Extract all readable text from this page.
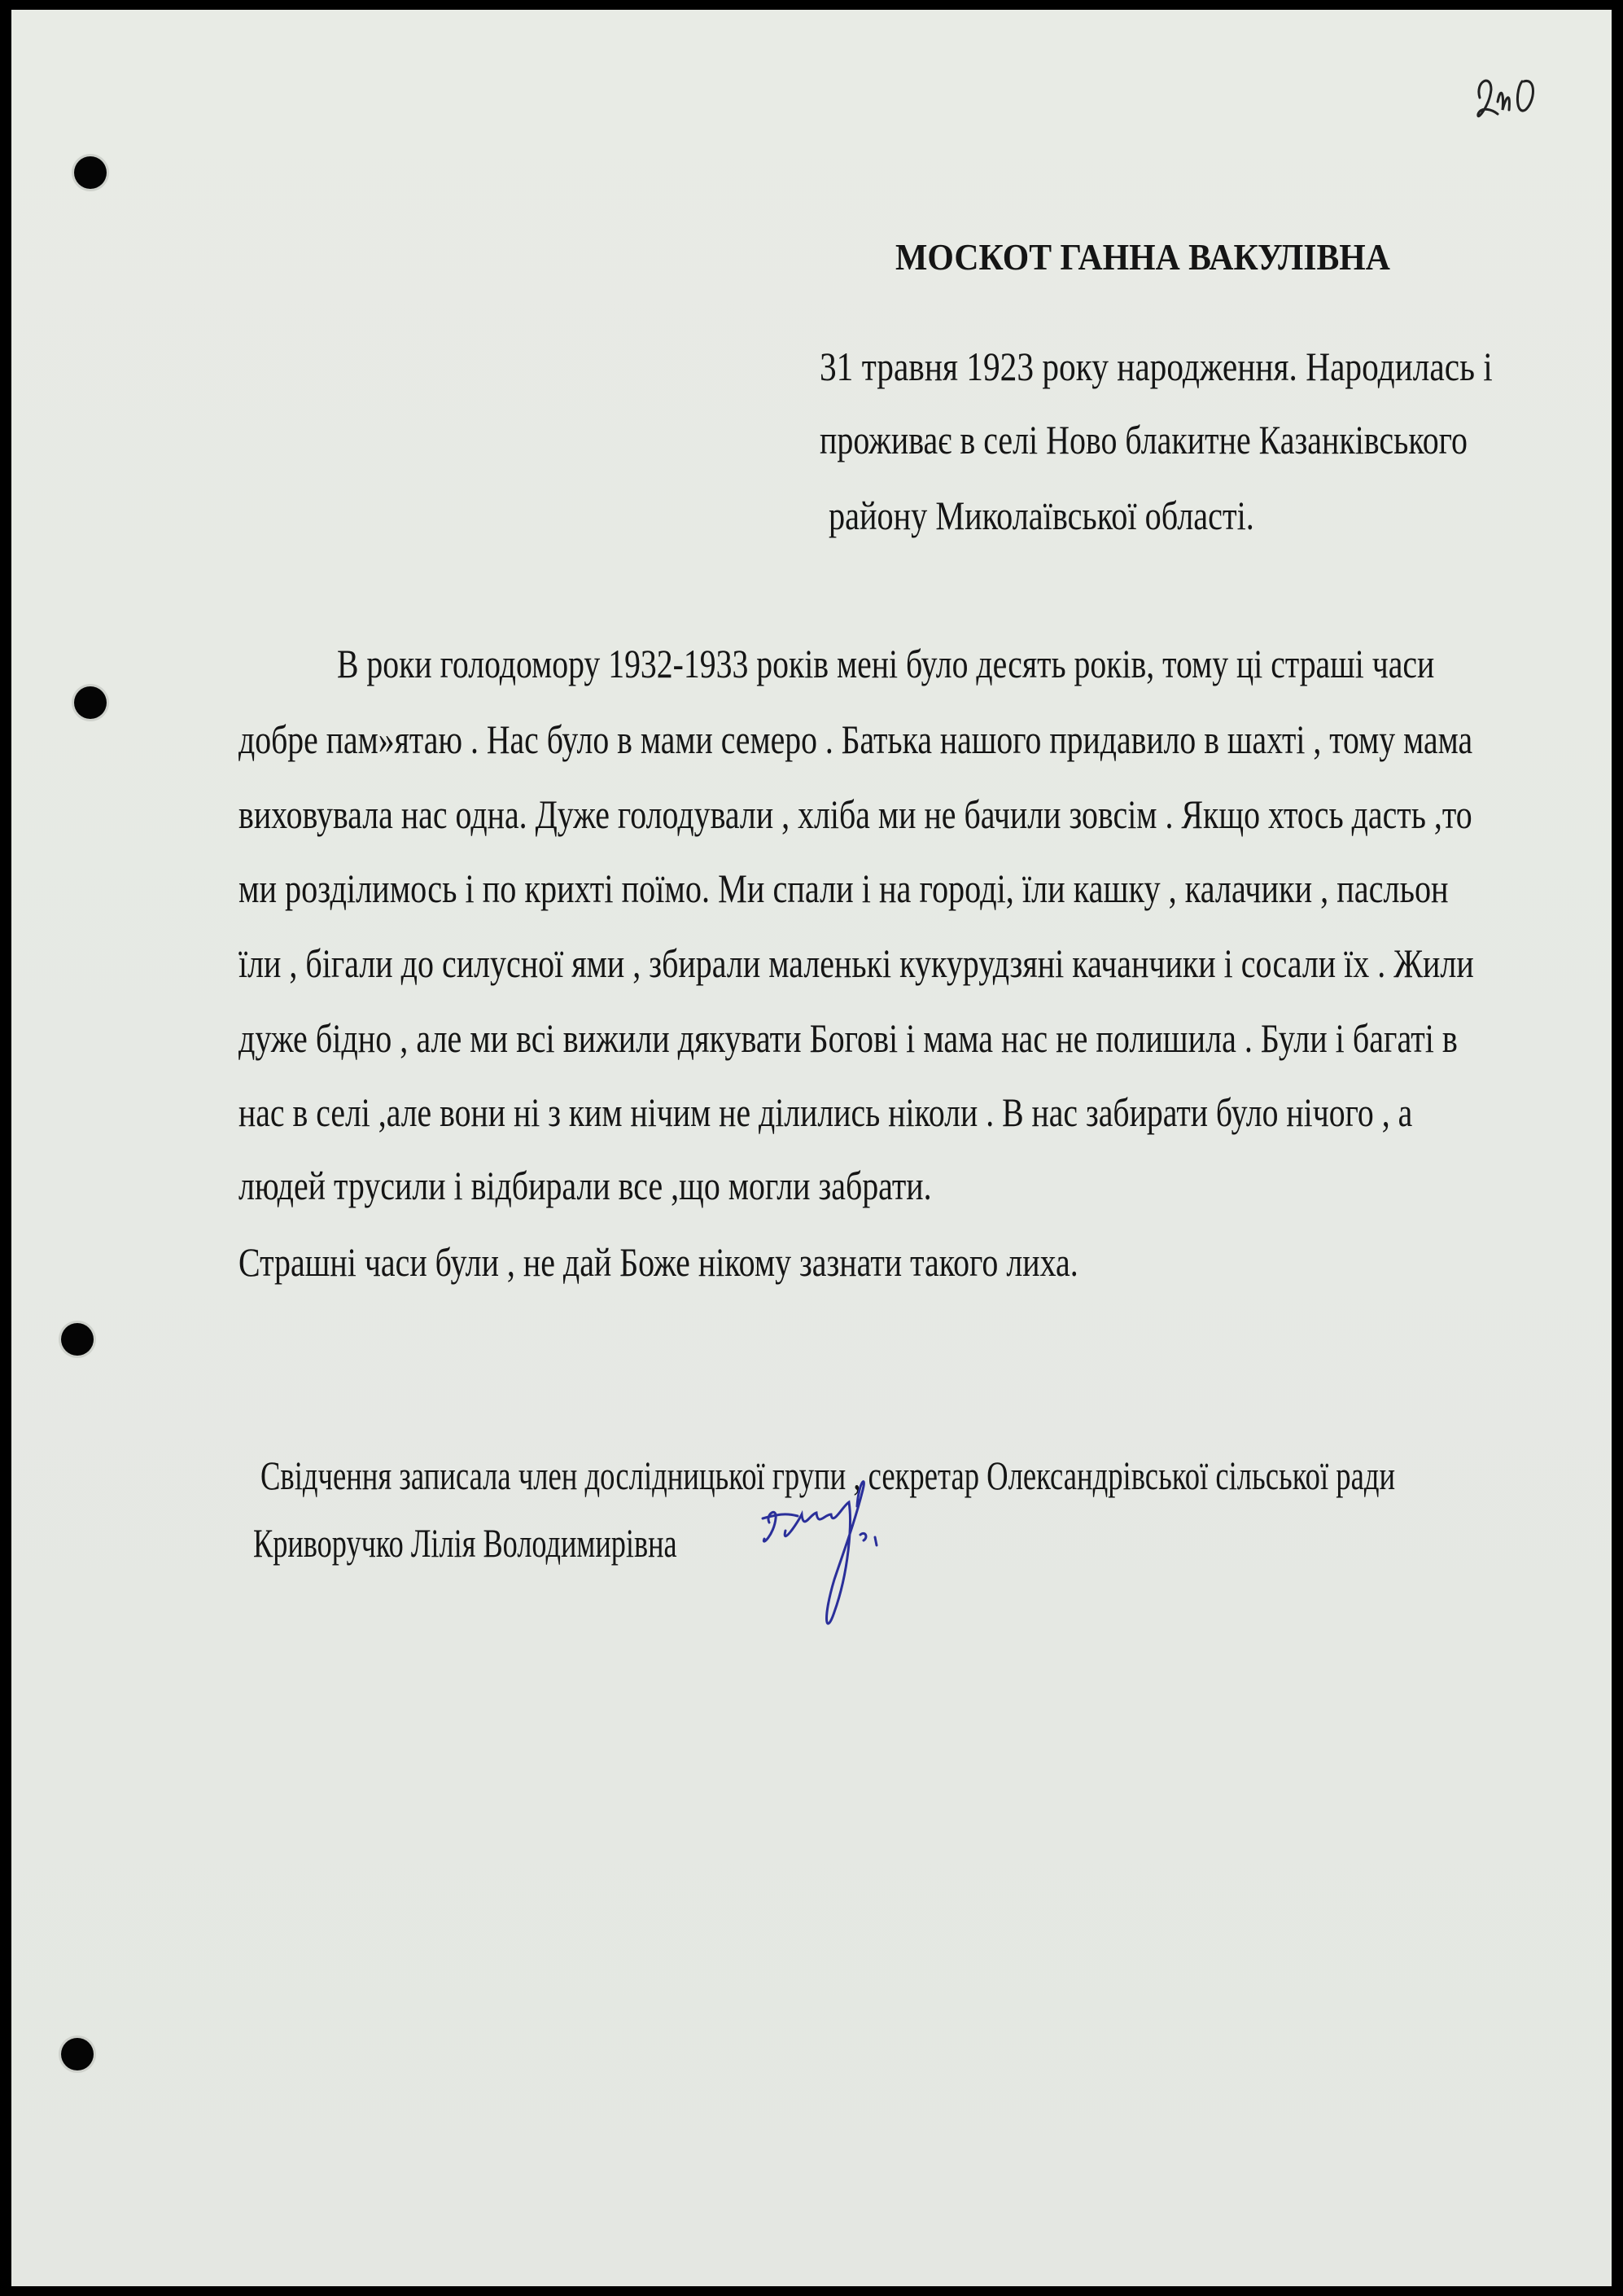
МОСКОТ ГАННА ВАКУЛІВНА
31 травня 1923 року народження. Народилась і
проживає в селі Ново блакитне Казанківського
району Миколаївської області.
В роки голодомору 1932-1933 років мені було десять років, тому ці страші часи
добре пам»ятаю . Нас було в мами семеро . Батька нашого придавило в шахті , тому мама
виховувала нас одна. Дуже голодували , хліба ми не бачили зовсім . Якщо хтось дасть ,то
ми розділимось і по крихті поїмо. Ми спали і на городі, їли кашку , калачики , пасльон
їли , бігали до силусної ями , збирали маленькі кукурудзяні качанчики і сосали їх . Жили
дуже бідно , але ми всі вижили дякувати Богові і мама нас не полишила . Були і багаті в
нас в селі ,але вони ні з ким нічим не ділились ніколи . В нас забирати було нічого , а
людей трусили і відбирали все ,що могли забрати.
Страшні часи були , не дай Боже нікому зазнати такого лиха.
Свідчення записала член дослідницької групи , секретар Олександрівської сільської ради
Криворучко Лілія Володимирівна
